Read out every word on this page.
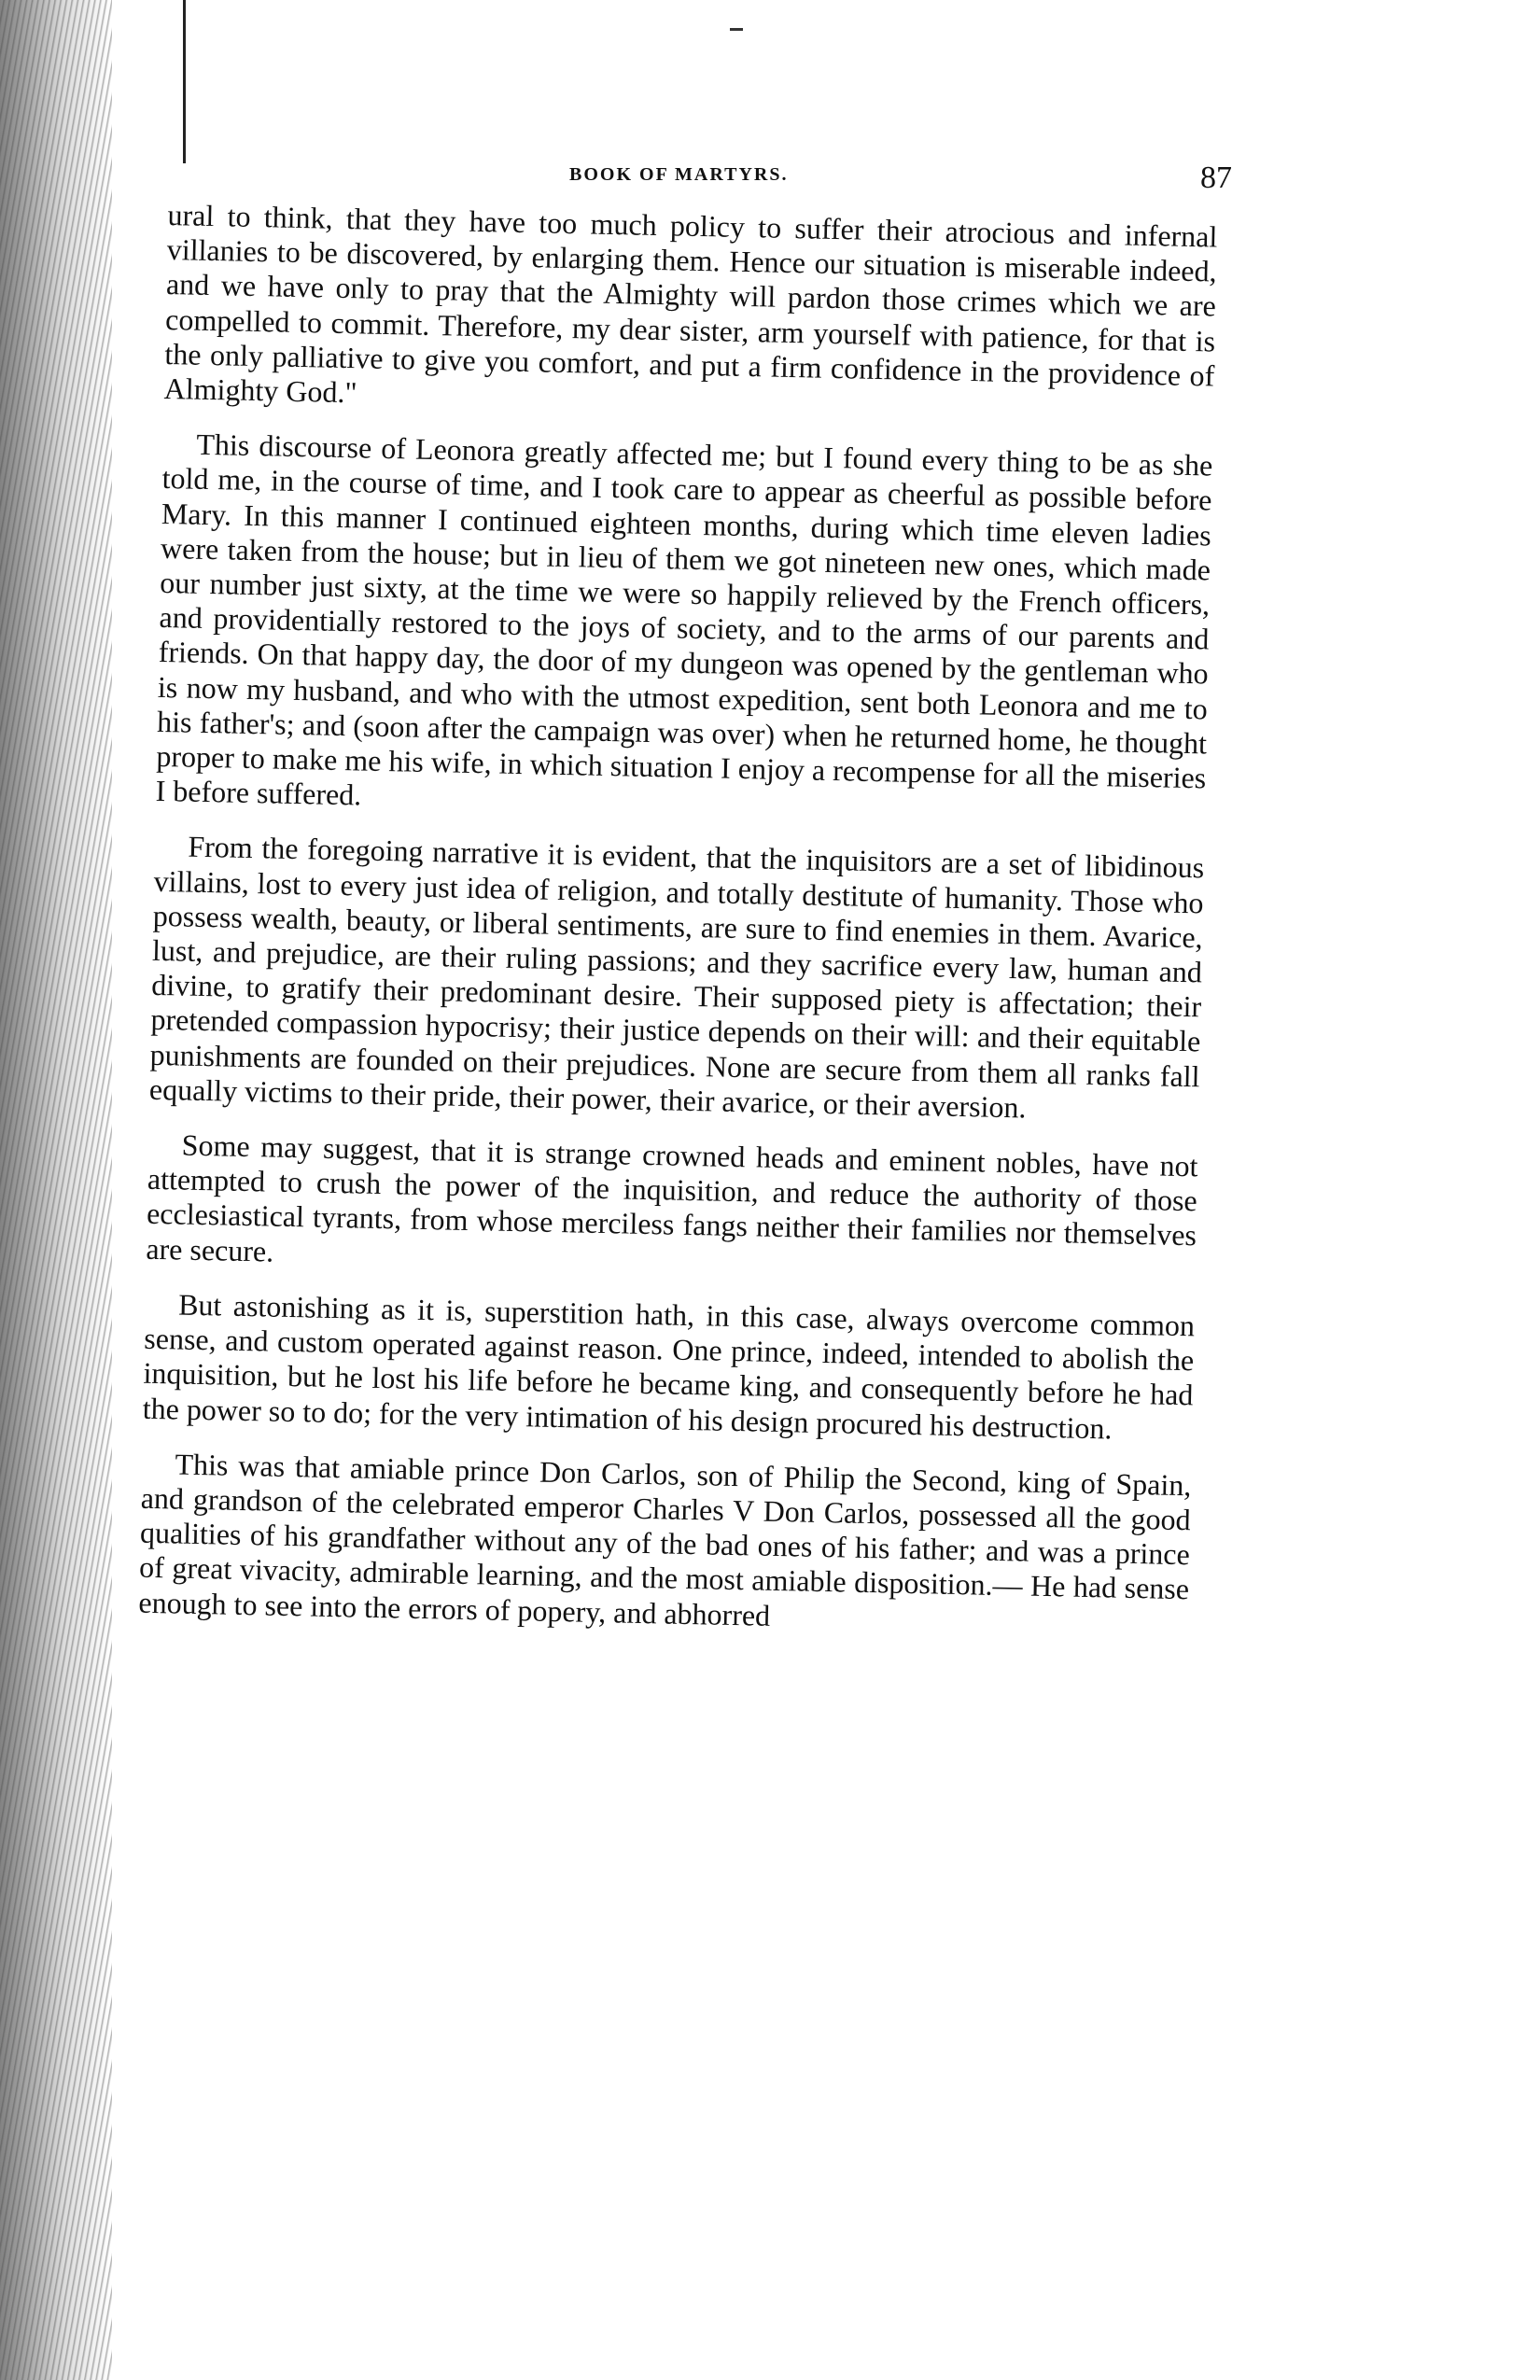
BOOK OF MARTYRS.	87

ural to think, that they have too much policy to suffer their atrocious and infernal villanies to be discovered, by enlarging them. Hence our situation is miserable indeed, and we have only to pray that the Almighty will pardon those crimes which we are compelled to commit. Therefore, my dear sister, arm yourself with patience, for that is the only palliative to give you comfort, and put a firm confidence in the providence of Almighty God."

This discourse of Leonora greatly affected me; but I found every thing to be as she told me, in the course of time, and I took care to appear as cheerful as possible before Mary. In this manner I continued eighteen months, during which time eleven ladies were taken from the house; but in lieu of them we got nineteen new ones, which made our number just sixty, at the time we were so happily relieved by the French officers, and providentially restored to the joys of society, and to the arms of our parents and friends. On that happy day, the door of my dungeon was opened by the gentleman who is now my husband, and who with the utmost expedition, sent both Leonora and me to his father's; and (soon after the campaign was over) when he returned home, he thought proper to make me his wife, in which situation I enjoy a recompense for all the miseries I before suffered.

From the foregoing narrative it is evident, that the inquisitors are a set of libidinous villains, lost to every just idea of religion, and totally destitute of humanity. Those who possess wealth, beauty, or liberal sentiments, are sure to find enemies in them. Avarice, lust, and prejudice, are their ruling passions; and they sacrifice every law, human and divine, to gratify their predominant desire. Their supposed piety is affectation; their pretended compassion hypocrisy; their justice depends on their will: and their equitable punishments are founded on their prejudices. None are secure from them all ranks fall equally victims to their pride, their power, their avarice, or their aversion.

Some may suggest, that it is strange crowned heads and eminent nobles, have not attempted to crush the power of the inquisition, and reduce the authority of those ecclesiastical tyrants, from whose merciless fangs neither their families nor themselves are secure.

But astonishing as it is, superstition hath, in this case, always overcome common sense, and custom operated against reason. One prince, indeed, intended to abolish the inquisition, but he lost his life before he became king, and consequently before he had the power so to do; for the very intimation of his design procured his destruction.

This was that amiable prince Don Carlos, son of Philip the Second, king of Spain, and grandson of the celebrated emperor Charles V Don Carlos, possessed all the good qualities of his grandfather without any of the bad ones of his father; and was a prince of great vivacity, admirable learning, and the most amiable disposition.— He had sense enough to see into the errors of popery, and abhorred
